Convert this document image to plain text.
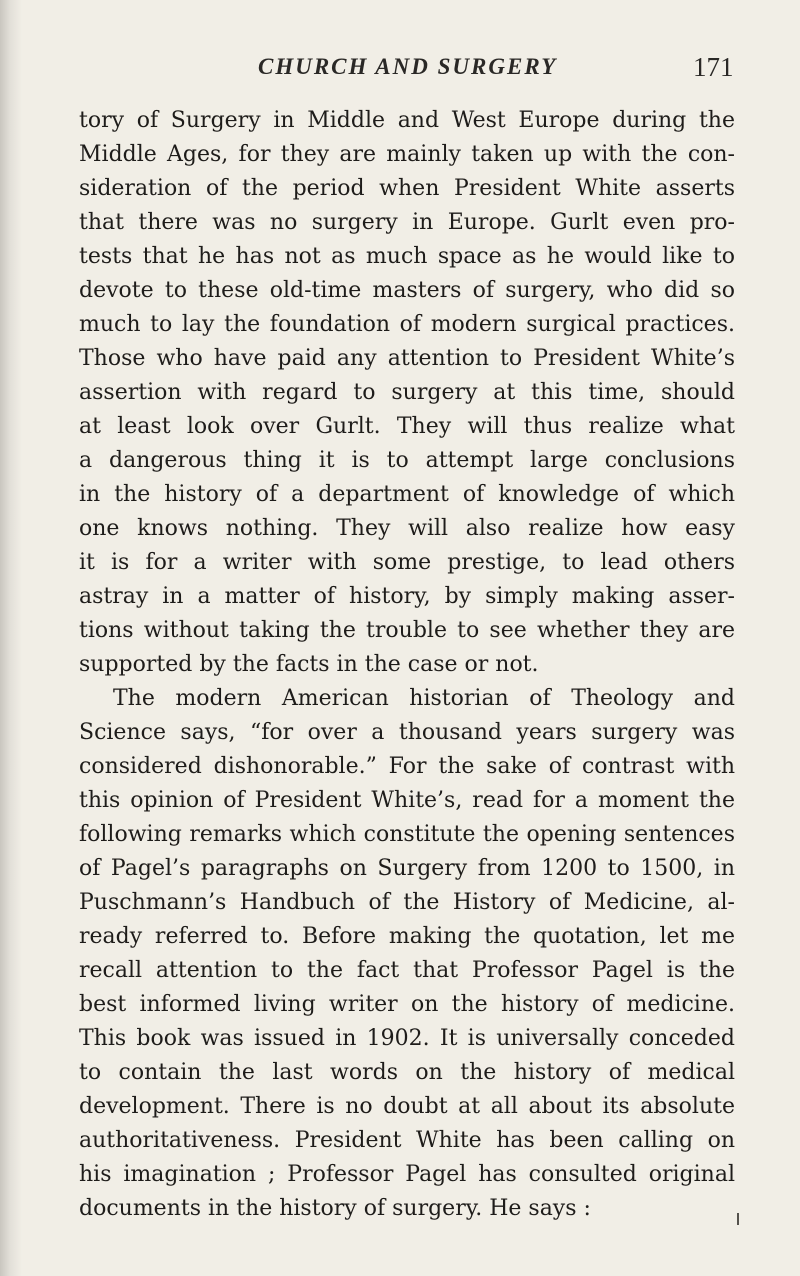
CHURCH AND SURGERY	171
tory of Surgery in Middle and West Europe during the
Middle Ages, for they are mainly taken up with the con-
sideration of the period when President White asserts
that there was no surgery in Europe. Gurlt even pro-
tests that he has not as much space as he would like to
devote to these old-time masters of surgery, who did so
much to lay the foundation of modern surgical practices.
Those who have paid any attention to President White’s
assertion with regard to surgery at this time, should
at least look over Gurlt. They will thus realize what
a dangerous thing it is to attempt large conclusions
in the history of a department of knowledge of which
one knows nothing. They will also realize how easy
it is for a writer with some prestige, to lead others
astray in a matter of history, by simply making asser-
tions without taking the trouble to see whether they are
supported by the facts in the case or not.
The modern American historian of Theology and
Science says, “for over a thousand years surgery was
considered dishonorable.” For the sake of contrast with
this opinion of President White’s, read for a moment the
following remarks which constitute the opening sentences
of Pagel’s paragraphs on Surgery from 1200 to 1500, in
Puschmann’s Handbuch of the History of Medicine, al-
ready referred to. Before making the quotation, let me
recall attention to the fact that Professor Pagel is the
best informed living writer on the history of medicine.
This book was issued in 1902. It is universally conceded
to contain the last words on the history of medical
development. There is no doubt at all about its absolute
authoritativeness. President White has been calling on
his imagination ; Professor Pagel has consulted original
documents in the history of surgery. He says :
